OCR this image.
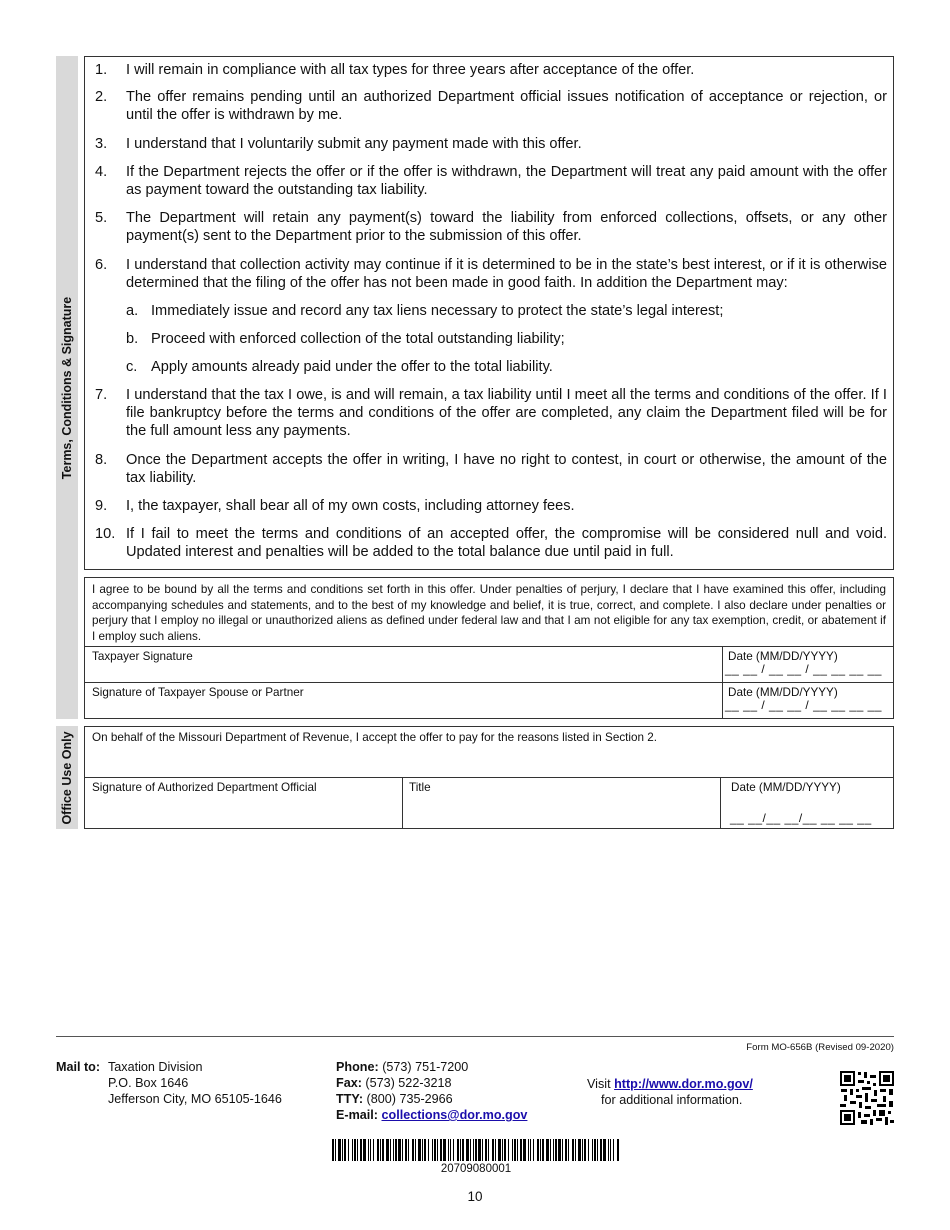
Terms, Conditions & Signature
Office Use Only
1.	I will remain in compliance with all tax types for three years after acceptance of the offer.
2.	The offer remains pending until an authorized Department official issues notification of acceptance or rejection, or until the offer is withdrawn by me.
3.	I understand that I voluntarily submit any payment made with this offer.
4.	If the Department rejects the offer or if the offer is withdrawn, the Department will treat any paid amount with the offer as payment toward the outstanding tax liability.
5.	The Department will retain any payment(s) toward the liability from enforced collections, offsets, or any other payment(s) sent to the Department prior to the submission of this offer.
6.	I understand that collection activity may continue if it is determined to be in the state’s best interest, or if it is otherwise determined that the filing of the offer has not been made in good faith. In addition the Department may:
a. Immediately issue and record any tax liens necessary to protect the state’s legal interest;
b. Proceed with enforced collection of the total outstanding liability;
c. Apply amounts already paid under the offer to the total liability.
7.	I understand that the tax I owe, is and will remain, a tax liability until I meet all the terms and conditions of the offer. If I file bankruptcy before the terms and conditions of the offer are completed, any claim the Department filed will be for the full amount less any payments.
8.	Once the Department accepts the offer in writing, I have no right to contest, in court or otherwise, the amount of the tax liability.
9.	I, the taxpayer, shall bear all of my own costs, including attorney fees.
10. If I fail to meet the terms and conditions of an accepted offer, the compromise will be considered null and void. Updated interest and penalties will be added to the total balance due until paid in full.
I agree to be bound by all the terms and conditions set forth in this offer. Under penalties of perjury, I declare that I have examined this offer, including accompanying schedules and statements, and to the best of my knowledge and belief, it is true, correct, and complete. I also declare under penalties or perjury that I employ no illegal or unauthorized aliens as defined under federal law and that I am not eligible for any tax exemption, credit, or abatement if I employ such aliens.
Taxpayer Signature	Date (MM/DD/YYYY)
__ __ / __ __ / __ __ __ __
Signature of Taxpayer Spouse or Partner	Date (MM/DD/YYYY)
__ __ / __ __ / __ __ __ __
On behalf of the Missouri Department of Revenue, I accept the offer to pay for the reasons listed in Section 2.
Signature of Authorized Department Official	Title	Date (MM/DD/YYYY)
__ __/__ __/__ __ __ __
Form MO-656B (Revised 09-2020)
Mail to: Taxation Division
P.O. Box 1646
Jefferson City, MO 65105-1646
Phone: (573) 751-7200
Fax: (573) 522-3218
TTY: (800) 735-2966
E-mail: collections@dor.mo.gov
Visit http://www.dor.mo.gov/
for additional information.
20709080001
10
